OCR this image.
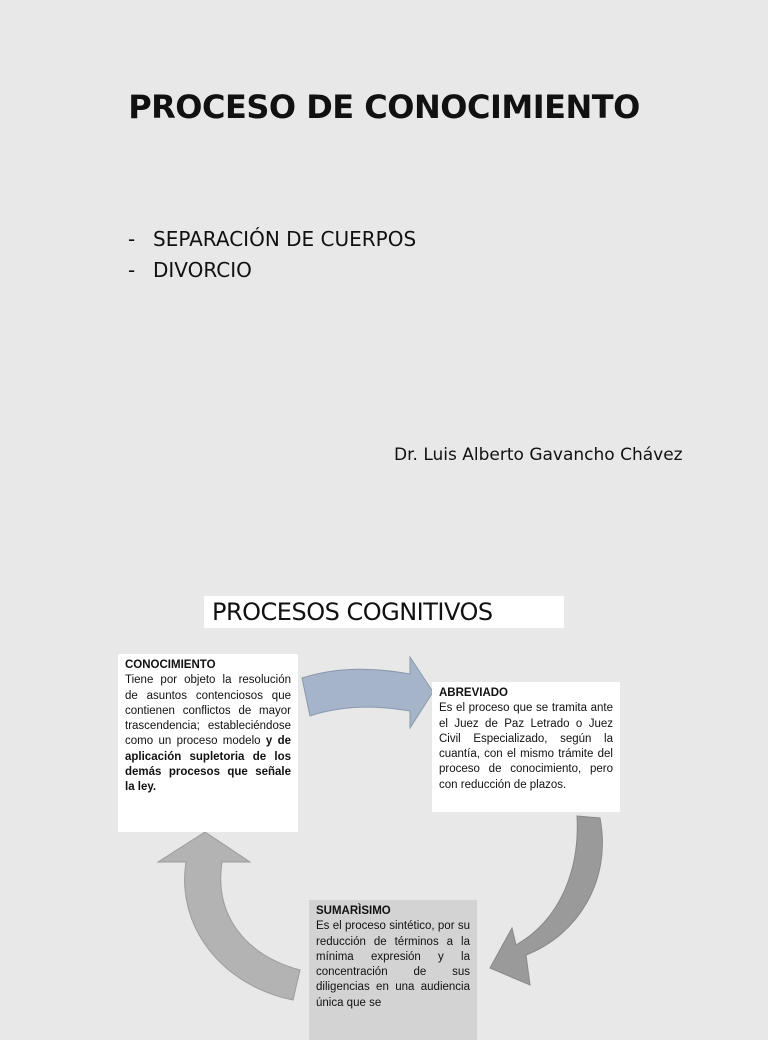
PROCESO DE CONOCIMIENTO
- SEPARACIÓN DE CUERPOS
- DIVORCIO
Dr. Luis Alberto Gavancho Chávez
PROCESOS COGNITIVOS
CONOCIMIENTO
Tiene por objeto la resolución de asuntos contenciosos que contienen conflictos de mayor trascendencia; estableciéndose como un proceso modelo y de aplicación supletoria de los demás procesos que señale la ley.
ABREVIADO
Es el proceso que se tramita ante el Juez de Paz Letrado o Juez Civil Especializado, según la cuantía, con el mismo trámite del proceso de conocimiento, pero con reducción de plazos.
SUMARÌSIMO
Es el proceso sintético, por su reducción de términos a la mínima expresión y la concentración de sus diligencias en una audiencia única que se
